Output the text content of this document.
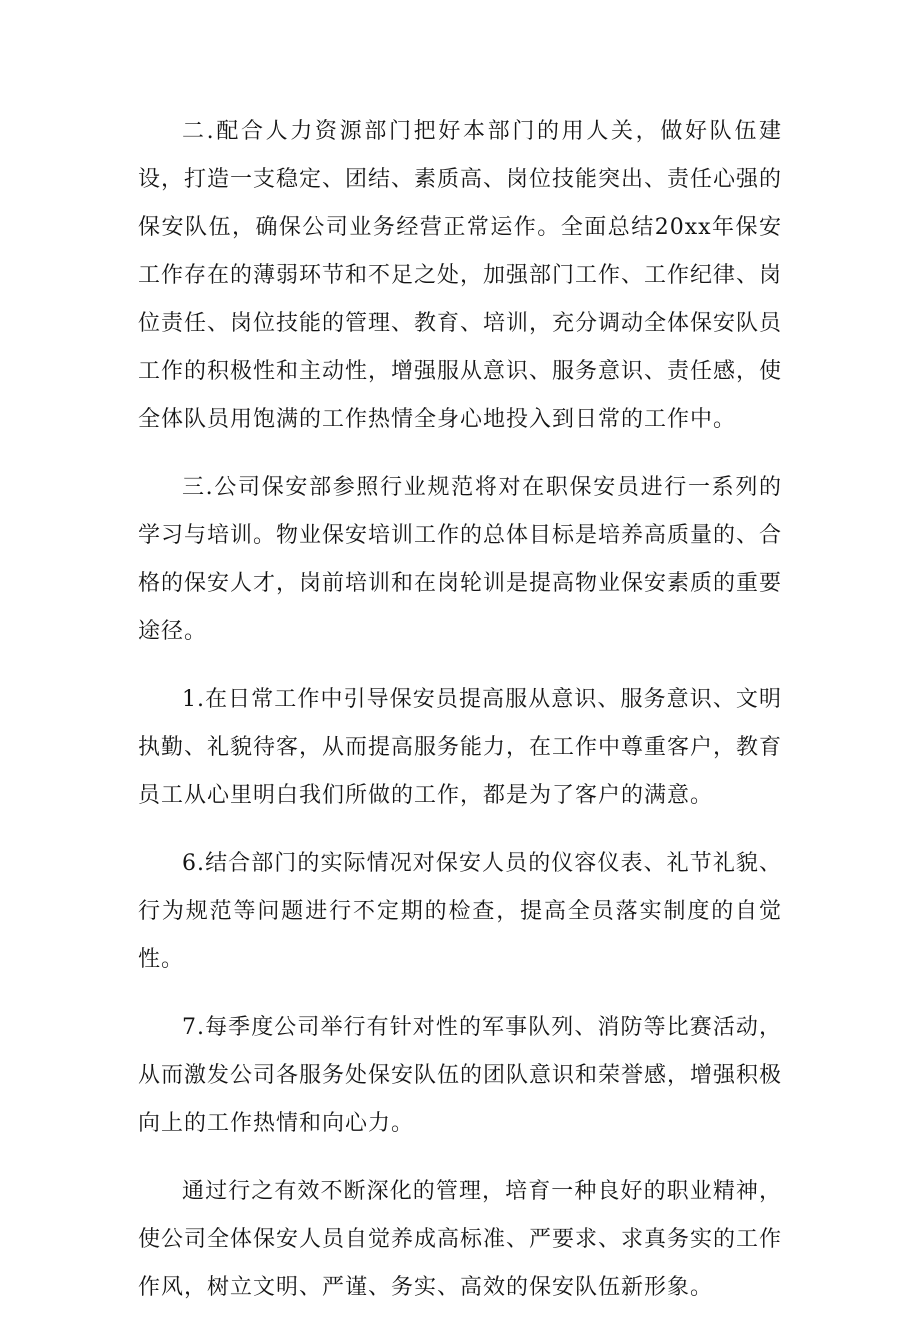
二.配合人力资源部门把好本部门的用人关，做好队伍建设，打造一支稳定、团结、素质高、岗位技能突出、责任心强的保安队伍，确保公司业务经营正常运作。全面总结20xx年保安工作存在的薄弱环节和不足之处，加强部门工作、工作纪律、岗位责任、岗位技能的管理、教育、培训，充分调动全体保安队员工作的积极性和主动性，增强服从意识、服务意识、责任感，使全体队员用饱满的工作热情全身心地投入到日常的工作中。

三.公司保安部参照行业规范将对在职保安员进行一系列的学习与培训。物业保安培训工作的总体目标是培养高质量的、合格的保安人才，岗前培训和在岗轮训是提高物业保安素质的重要途径。

1.在日常工作中引导保安员提高服从意识、服务意识、文明执勤、礼貌待客，从而提高服务能力，在工作中尊重客户，教育员工从心里明白我们所做的工作，都是为了客户的满意。

6.结合部门的实际情况对保安人员的仪容仪表、礼节礼貌、行为规范等问题进行不定期的检查，提高全员落实制度的自觉性。

7.每季度公司举行有针对性的军事队列、消防等比赛活动，从而激发公司各服务处保安队伍的团队意识和荣誉感，增强积极向上的工作热情和向心力。

通过行之有效不断深化的管理，培育一种良好的职业精神，使公司全体保安人员自觉养成高标准、严要求、求真务实的工作作风，树立文明、严谨、务实、高效的保安队伍新形象。
